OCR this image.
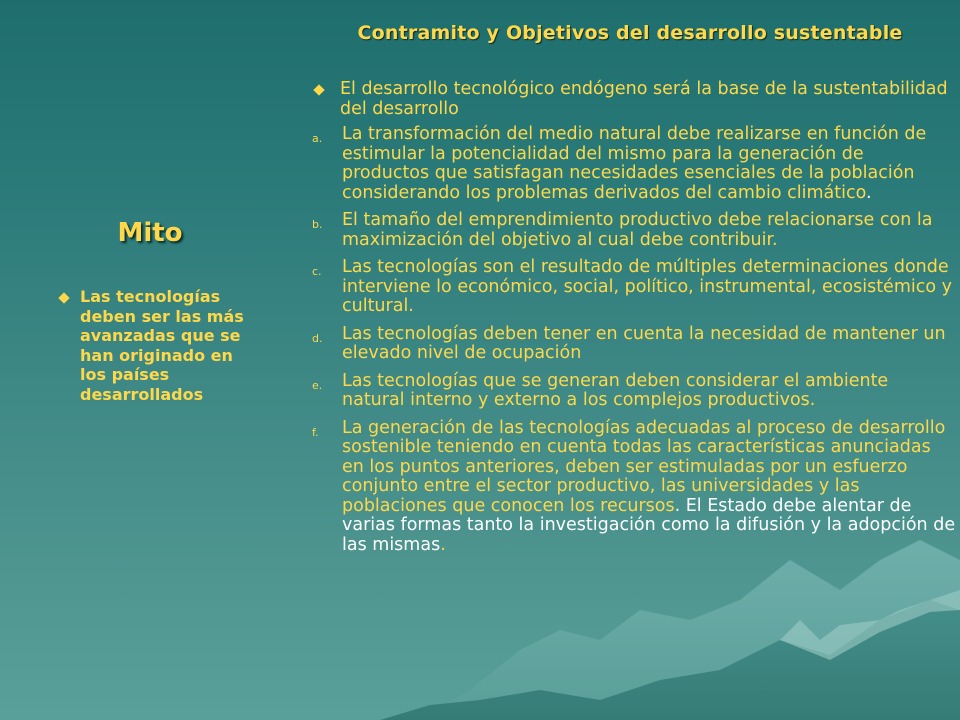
Contramito y Objetivos del desarrollo sustentable
Mito
Las tecnologías deben ser las más avanzadas que se han originado en los países desarrollados
El desarrollo tecnológico endógeno será la base de la sustentabilidad del desarrollo
a.	La transformación del medio natural debe realizarse en función de estimular la potencialidad del mismo para la generación de productos que satisfagan necesidades esenciales de la población considerando los problemas derivados del cambio climático.
b.	El tamaño del emprendimiento productivo debe relacionarse con la maximización del objetivo al cual debe contribuir.
c.	Las tecnologías son el resultado de múltiples determinaciones donde interviene lo económico, social, político, instrumental, ecosistémico y cultural.
d.	Las tecnologías deben tener en cuenta la necesidad de mantener un elevado nivel de ocupación
e.	Las tecnologías que se generan deben considerar el ambiente natural interno y externo a los complejos productivos.
f.	La generación de las tecnologías adecuadas al proceso de desarrollo sostenible teniendo en cuenta todas las características anunciadas en los puntos anteriores, deben ser estimuladas por un esfuerzo conjunto entre el sector productivo, las universidades y las poblaciones que conocen los recursos. El Estado debe alentar de varias formas tanto la investigación como la difusión y la adopción de las mismas.
